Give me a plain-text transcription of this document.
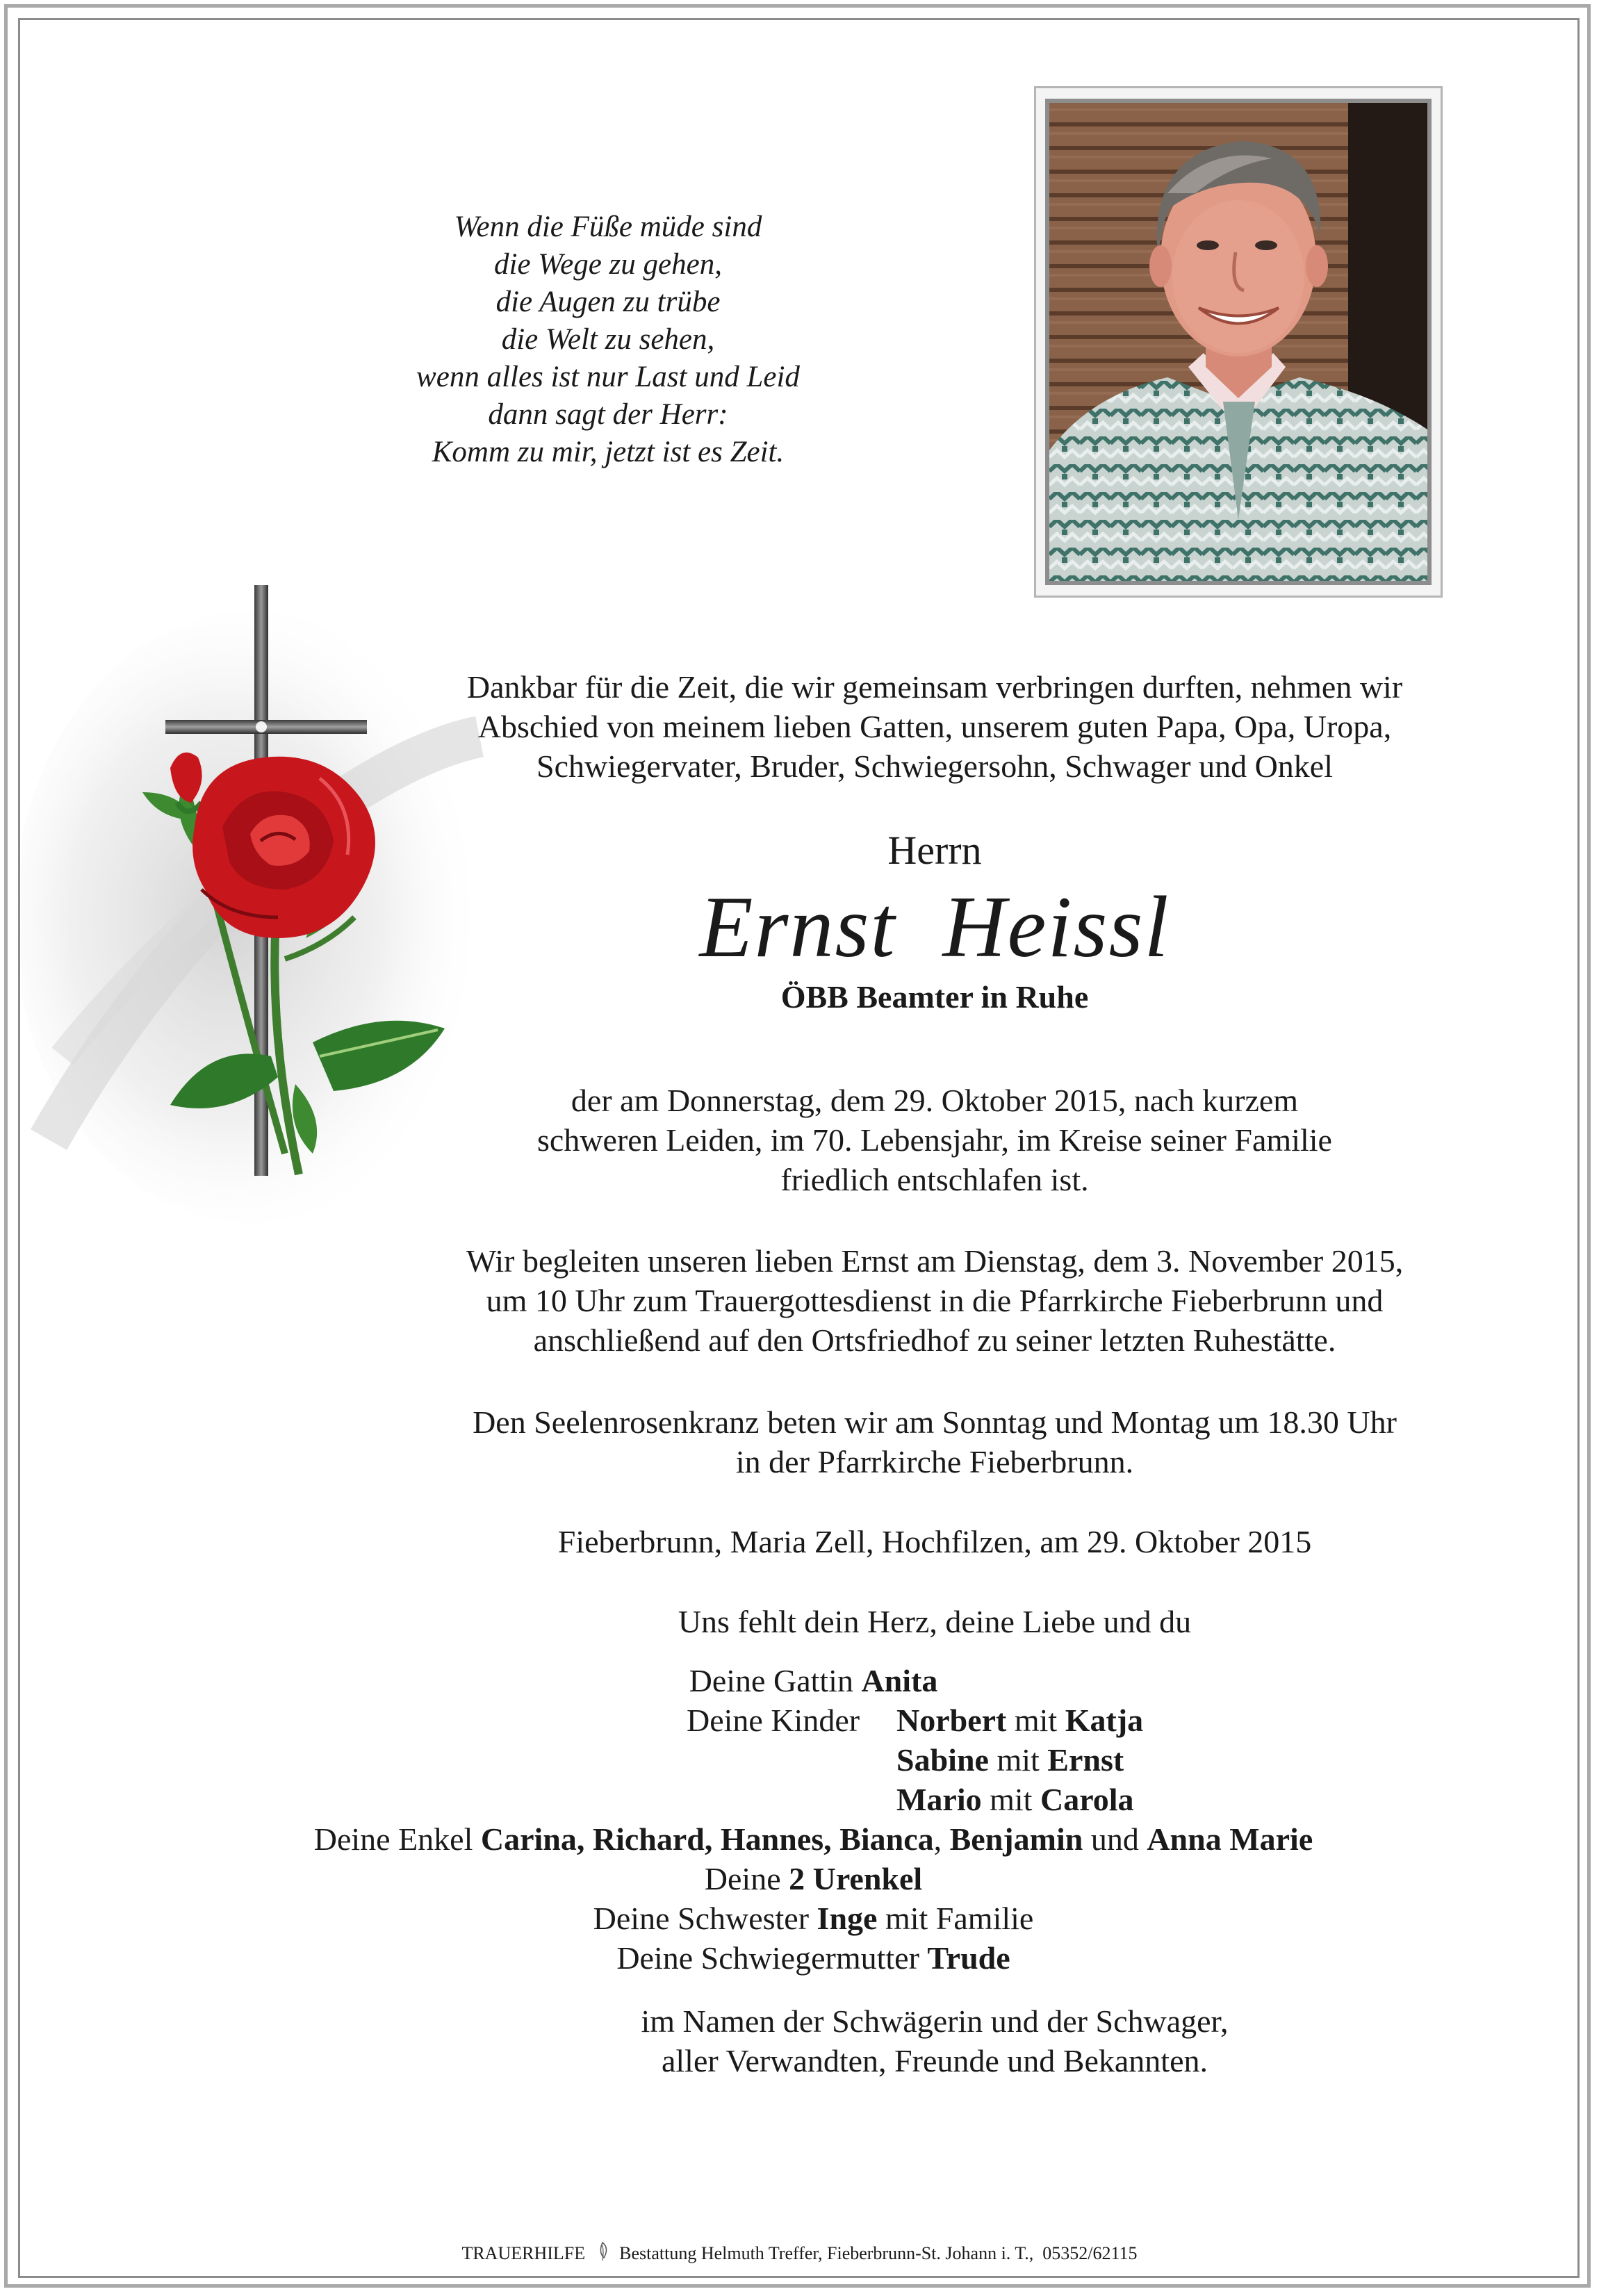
Wenn die Füße müde sind
die Wege zu gehen,
die Augen zu trübe
die Welt zu sehen,
wenn alles ist nur Last und Leid
dann sagt der Herr:
Komm zu mir, jetzt ist es Zeit.
Dankbar für die Zeit, die wir gemeinsam verbringen durften, nehmen wir
Abschied von meinem lieben Gatten, unserem guten Papa, Opa, Uropa,
Schwiegervater, Bruder, Schwiegersohn, Schwager und Onkel
Herrn
Ernst  Heissl
ÖBB Beamter in Ruhe
der am Donnerstag, dem 29. Oktober 2015, nach kurzem
schweren Leiden, im 70. Lebensjahr, im Kreise seiner Familie
friedlich entschlafen ist.
Wir begleiten unseren lieben Ernst am Dienstag, dem 3. November 2015,
um 10 Uhr zum Trauergottesdienst in die Pfarrkirche Fieberbrunn und
anschließend auf den Ortsfriedhof zu seiner letzten Ruhestätte.
Den Seelenrosenkranz beten wir am Sonntag und Montag um 18.30 Uhr
in der Pfarrkirche Fieberbrunn.
Fieberbrunn, Maria Zell, Hochfilzen, am 29. Oktober 2015
Uns fehlt dein Herz, deine Liebe und du
Deine Gattin Anita
Deine Kinder Norbert mit Katja
Sabine mit Ernst
Mario mit Carola
Deine Enkel Carina, Richard, Hannes, Bianca, Benjamin und Anna Marie
Deine 2 Urenkel
Deine Schwester Inge mit Familie
Deine Schwiegermutter Trude
im Namen der Schwägerin und der Schwager,
aller Verwandten, Freunde und Bekannten.
TRAUERHILFE Bestattung Helmuth Treffer, Fieberbrunn-St. Johann i. T.,  05352/62115
